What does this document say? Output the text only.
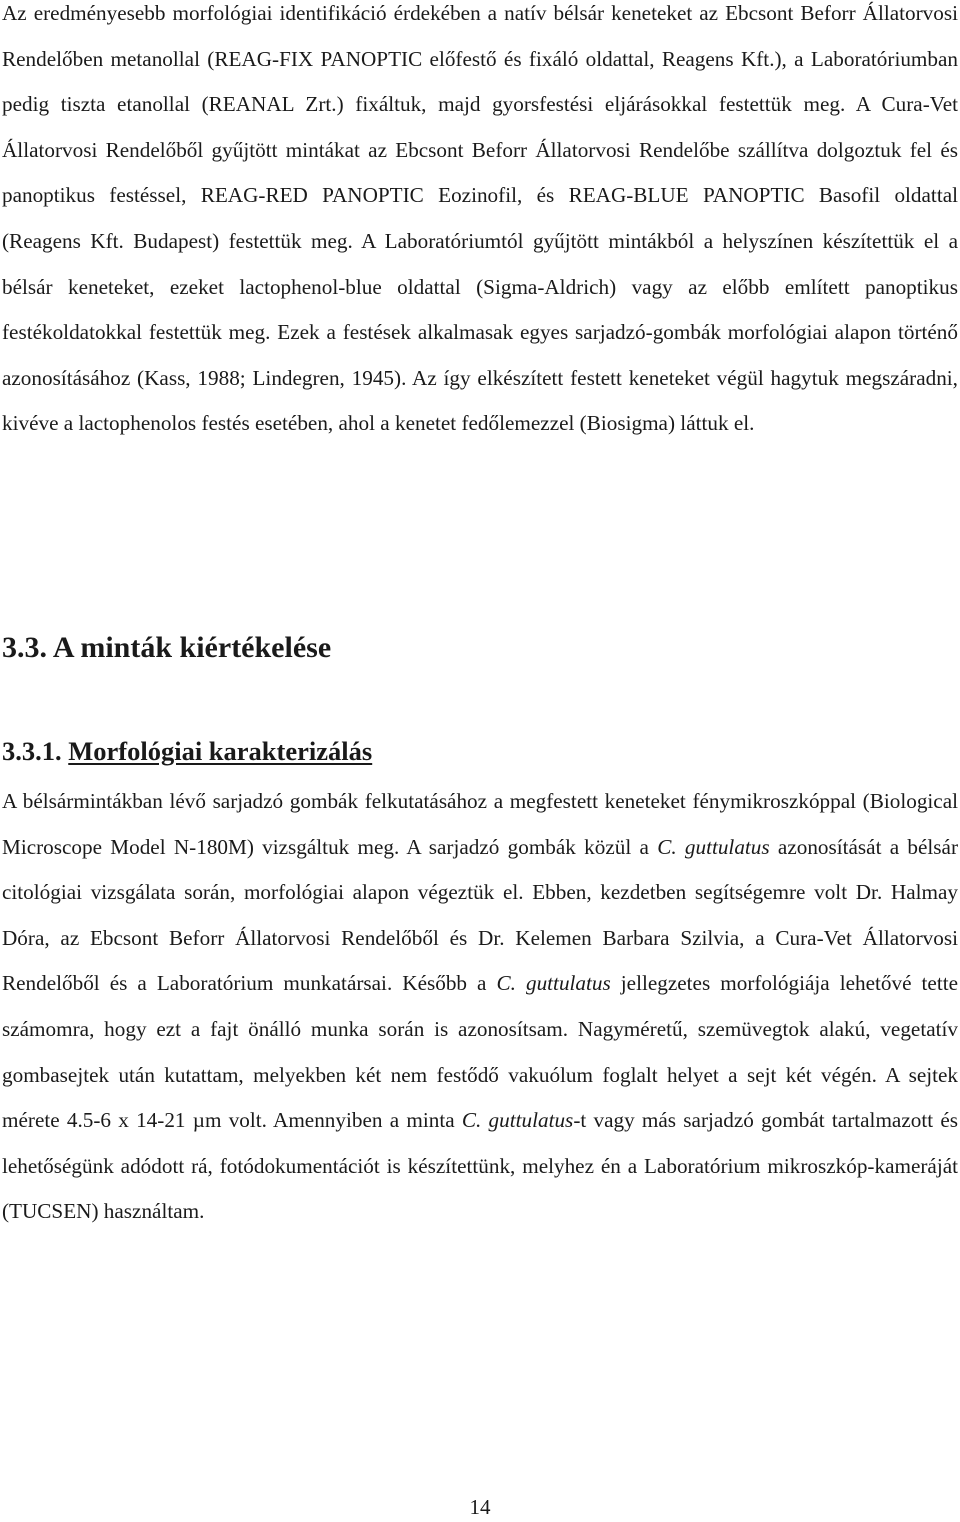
Az eredményesebb morfológiai identifikáció érdekében a natív bélsár keneteket az Ebcsont Beforr Állatorvosi Rendelőben metanollal (REAG-FIX PANOPTIC előfestő és fixáló oldattal, Reagens Kft.), a Laboratóriumban pedig tiszta etanollal (REANAL Zrt.) fixáltuk, majd gyorsfestési eljárásokkal festettük meg. A Cura-Vet Állatorvosi Rendelőből gyűjtött mintákat az Ebcsont Beforr Állatorvosi Rendelőbe szállítva dolgoztuk fel és panoptikus festéssel, REAG-RED PANOPTIC Eozinofil, és REAG-BLUE PANOPTIC Basofil oldattal (Reagens Kft. Budapest) festettük meg. A Laboratóriumtól gyűjtött mintákból a helyszínen készítettük el a bélsár keneteket, ezeket lactophenol-blue oldattal (Sigma-Aldrich) vagy az előbb említett panoptikus festékoldatokkal festettük meg. Ezek a festések alkalmasak egyes sarjadzó-gombák morfológiai alapon történő azonosításához (Kass, 1988; Lindegren, 1945). Az így elkészített festett keneteket végül hagytuk megszáradni, kivéve a lactophenolos festés esetében, ahol a kenetet fedőlemezzel (Biosigma) láttuk el.

3.3. A minták kiértékelése
3.3.1. Morfológiai karakterizálás

A bélsármintákban lévő sarjadzó gombák felkutatásához a megfestett keneteket fénymikroszkóppal (Biological Microscope Model N-180M) vizsgáltuk meg. A sarjadzó gombák közül a C. guttulatus azonosítását a bélsár citológiai vizsgálata során, morfológiai alapon végeztük el. Ebben, kezdetben segítségemre volt Dr. Halmay Dóra, az Ebcsont Beforr Állatorvosi Rendelőből és Dr. Kelemen Barbara Szilvia, a Cura-Vet Állatorvosi Rendelőből és a Laboratórium munkatársai. Később a C. guttulatus jellegzetes morfológiája lehetővé tette számomra, hogy ezt a fajt önálló munka során is azonosítsam. Nagyméretű, szemüvegtok alakú, vegetatív gombasejtek után kutattam, melyekben két nem festődő vakuólum foglalt helyet a sejt két végén. A sejtek mérete 4.5-6 x 14-21 µm volt. Amennyiben a minta C. guttulatus-t vagy más sarjadzó gombát tartalmazott és lehetőségünk adódott rá, fotódokumentációt is készítettünk, melyhez én a Laboratórium mikroszkóp-kameráját (TUCSEN) használtam.

14
